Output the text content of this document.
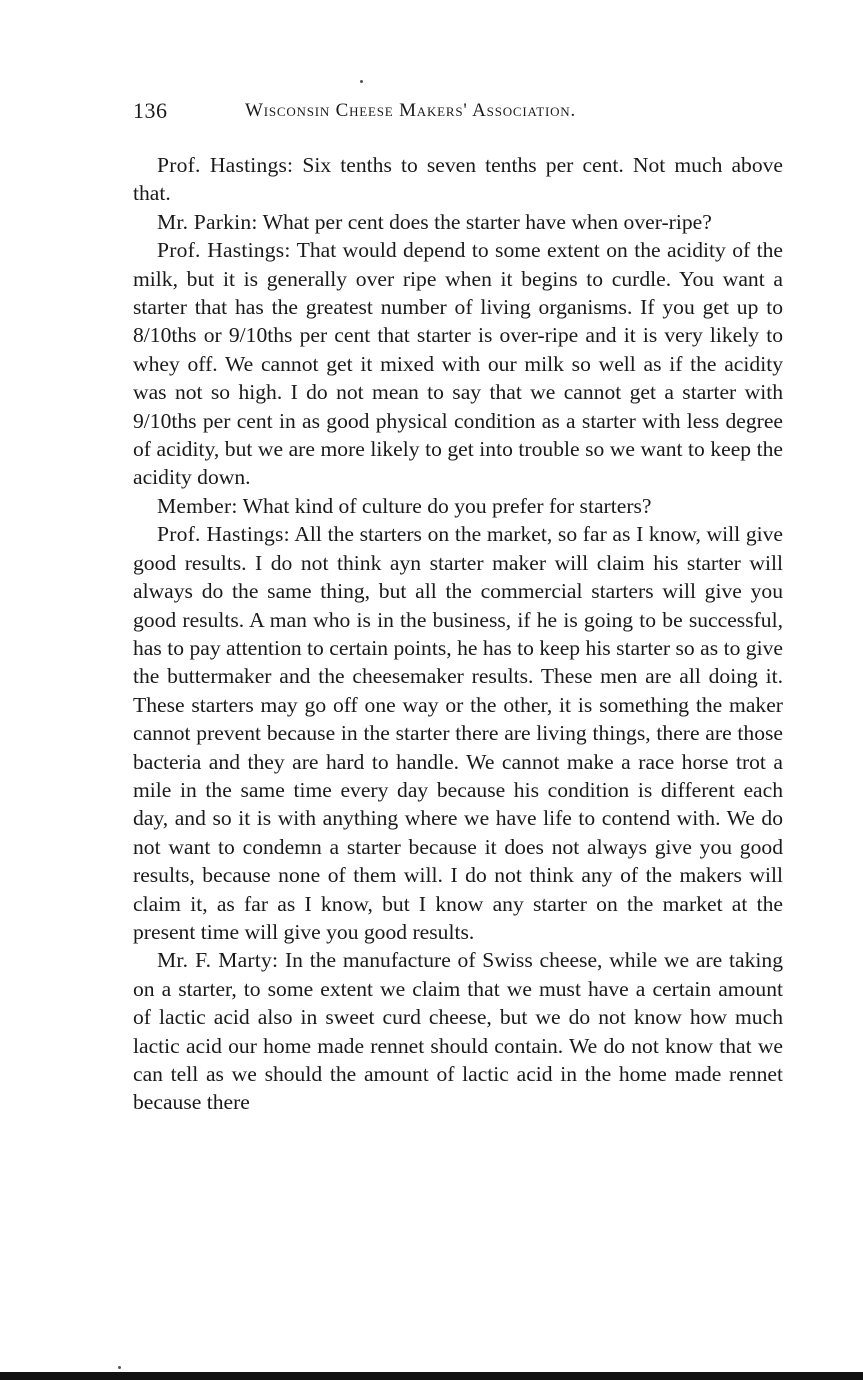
136	Wisconsin Cheese Makers' Association.

Prof. Hastings: Six tenths to seven tenths per cent. Not much above that.

Mr. Parkin: What per cent does the starter have when over-ripe?

Prof. Hastings: That would depend to some extent on the acidity of the milk, but it is generally over ripe when it begins to curdle. You want a starter that has the greatest number of living organisms. If you get up to 8/10ths or 9/10ths per cent that starter is over-ripe and it is very likely to whey off. We cannot get it mixed with our milk so well as if the acidity was not so high. I do not mean to say that we cannot get a starter with 9/10ths per cent in as good physical condition as a starter with less degree of acidity, but we are more likely to get into trouble so we want to keep the acidity down.

Member: What kind of culture do you prefer for starters?

Prof. Hastings: All the starters on the market, so far as I know, will give good results. I do not think ayn starter maker will claim his starter will always do the same thing, but all the commercial starters will give you good results. A man who is in the business, if he is going to be successful, has to pay attention to certain points, he has to keep his starter so as to give the buttermaker and the cheesemaker results. These men are all doing it. These starters may go off one way or the other, it is something the maker cannot prevent because in the starter there are living things, there are those bacteria and they are hard to handle. We cannot make a race horse trot a mile in the same time every day because his condition is different each day, and so it is with anything where we have life to contend with. We do not want to condemn a starter because it does not always give you good results, because none of them will. I do not think any of the makers will claim it, as far as I know, but I know any starter on the market at the present time will give you good results.

Mr. F. Marty: In the manufacture of Swiss cheese, while we are taking on a starter, to some extent we claim that we must have a certain amount of lactic acid also in sweet curd cheese, but we do not know how much lactic acid our home made rennet should contain. We do not know that we can tell as we should the amount of lactic acid in the home made rennet because there
